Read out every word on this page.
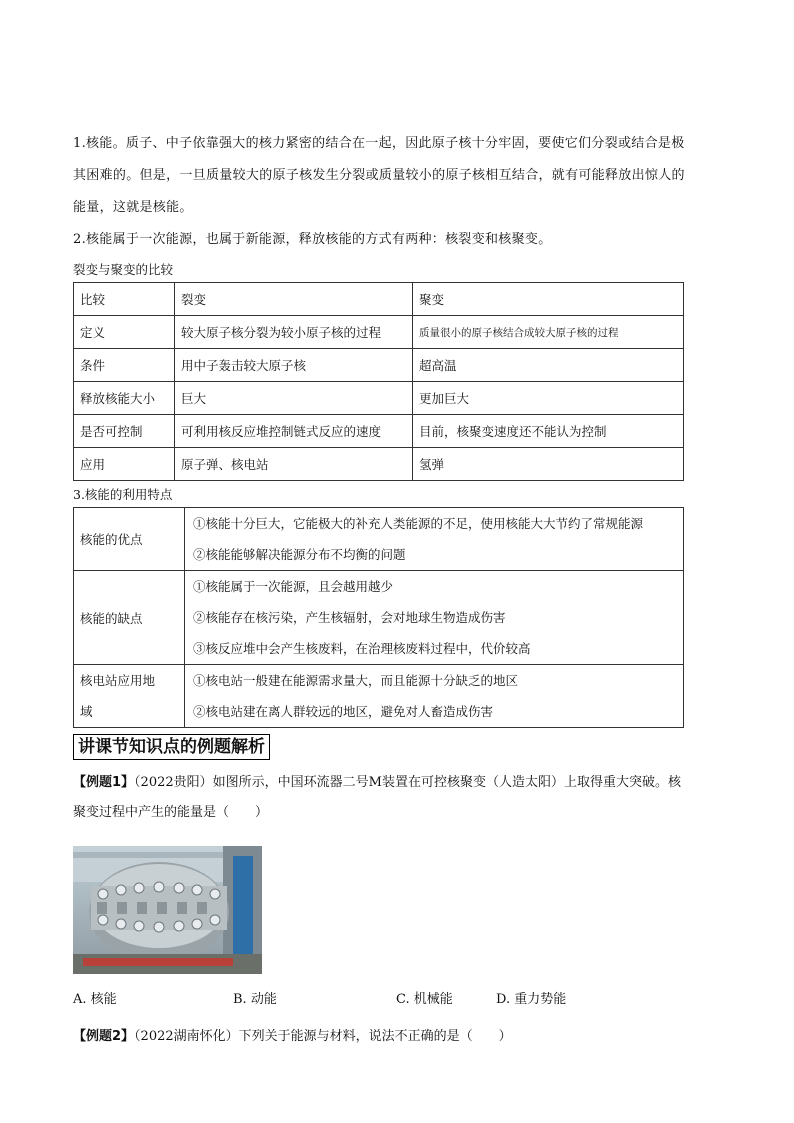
1.核能。质子、中子依靠强大的核力紧密的结合在一起，因此原子核十分牢固，要使它们分裂或结合是极
其困难的。但是，一旦质量较大的原子核发生分裂或质量较小的原子核相互结合，就有可能释放出惊人的
能量，这就是核能。

2.核能属于一次能源，也属于新能源，释放核能的方式有两种：核裂变和核聚变。

裂变与聚变的比较

比较	裂变	聚变
定义	较大原子核分裂为较小原子核的过程	质量很小的原子核结合成较大原子核的过程
条件	用中子轰击较大原子核	超高温
释放核能大小	巨大	更加巨大
是否可控制	可利用核反应堆控制链式反应的速度	目前，核聚变速度还不能认为控制
应用	原子弹、核电站	氢弹

3.核能的利用特点

核能的优点	①核能十分巨大，它能极大的补充人类能源的不足，使用核能大大节约了常规能源
②核能能够解决能源分布不均衡的问题

核能的缺点	①核能属于一次能源，且会越用越少
②核能存在核污染，产生核辐射，会对地球生物造成伤害
③核反应堆中会产生核废料，在治理核废料过程中，代价较高

核电站应用地
域	①核电站一般建在能源需求量大，而且能源十分缺乏的地区
②核电站建在离人群较远的地区，避免对人畜造成伤害
讲课节知识点的例题解析

【例题1】（2022贵阳）如图所示，中国环流器二号M装置在可控核聚变（人造太阳）上取得重大突破。核
聚变过程中产生的能量是（　　）

A. 核能	B. 动能	C. 机械能	D. 重力势能

【例题2】（2022湖南怀化）下列关于能源与材料，说法不正确的是（　　）
